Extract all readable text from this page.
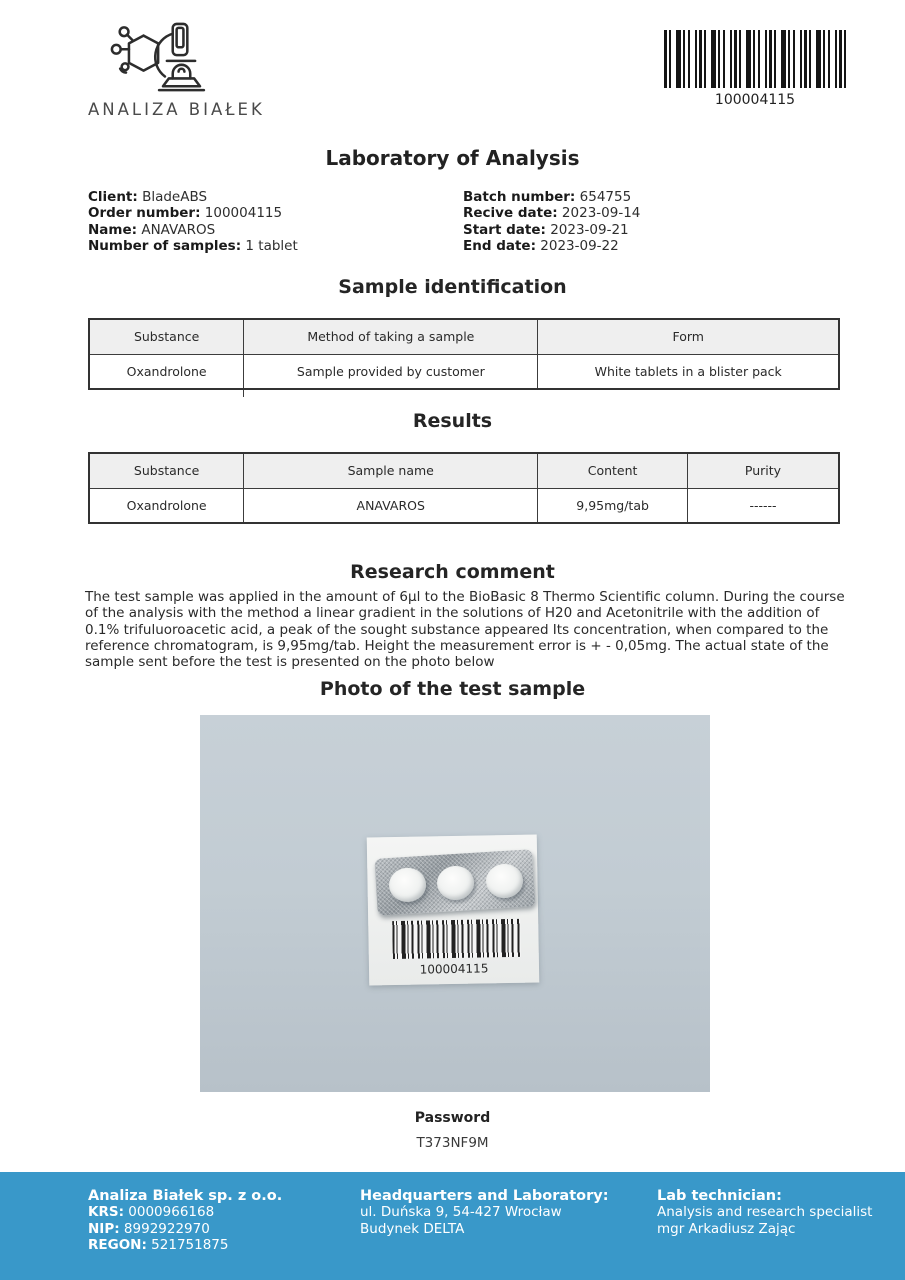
ANALIZA BIAŁEK	100004115
Laboratory of Analysis
Client: BladeABS
Order number: 100004115
Name: ANAVAROS
Number of samples: 1 tablet
Batch number: 654755
Recive date: 2023-09-14
Start date: 2023-09-21
End date: 2023-09-22
Sample identification
Substance	Method of taking a sample	Form
Oxandrolone	Sample provided by customer	White tablets in a blister pack
Results
Substance	Sample name	Content	Purity
Oxandrolone	ANAVAROS	9,95mg/tab	------
Research comment

The test sample was applied in the amount of 6μl to the BioBasic 8 Thermo Scientific column. During the course of the analysis with the method a linear gradient in the solutions of H20 and Acetonitrile with the addition of 0.1% trifuluoroacetic acid, a peak of the sought substance appeared Its concentration, when compared to the reference chromatogram, is 9,95mg/tab. Height the measurement error is + - 0,05mg. The actual state of the sample sent before the test is presented on the photo below

Photo of the test sample
100004115
Password
T373NF9M
Analiza Białek sp. z o.o.
KRS: 0000966168
NIP: 8992922970
REGON: 521751875
Headquarters and Laboratory:
ul. Duńska 9, 54-427 Wrocław
Budynek DELTA
Lab technician:
Analysis and research specialist
mgr Arkadiusz Zając
